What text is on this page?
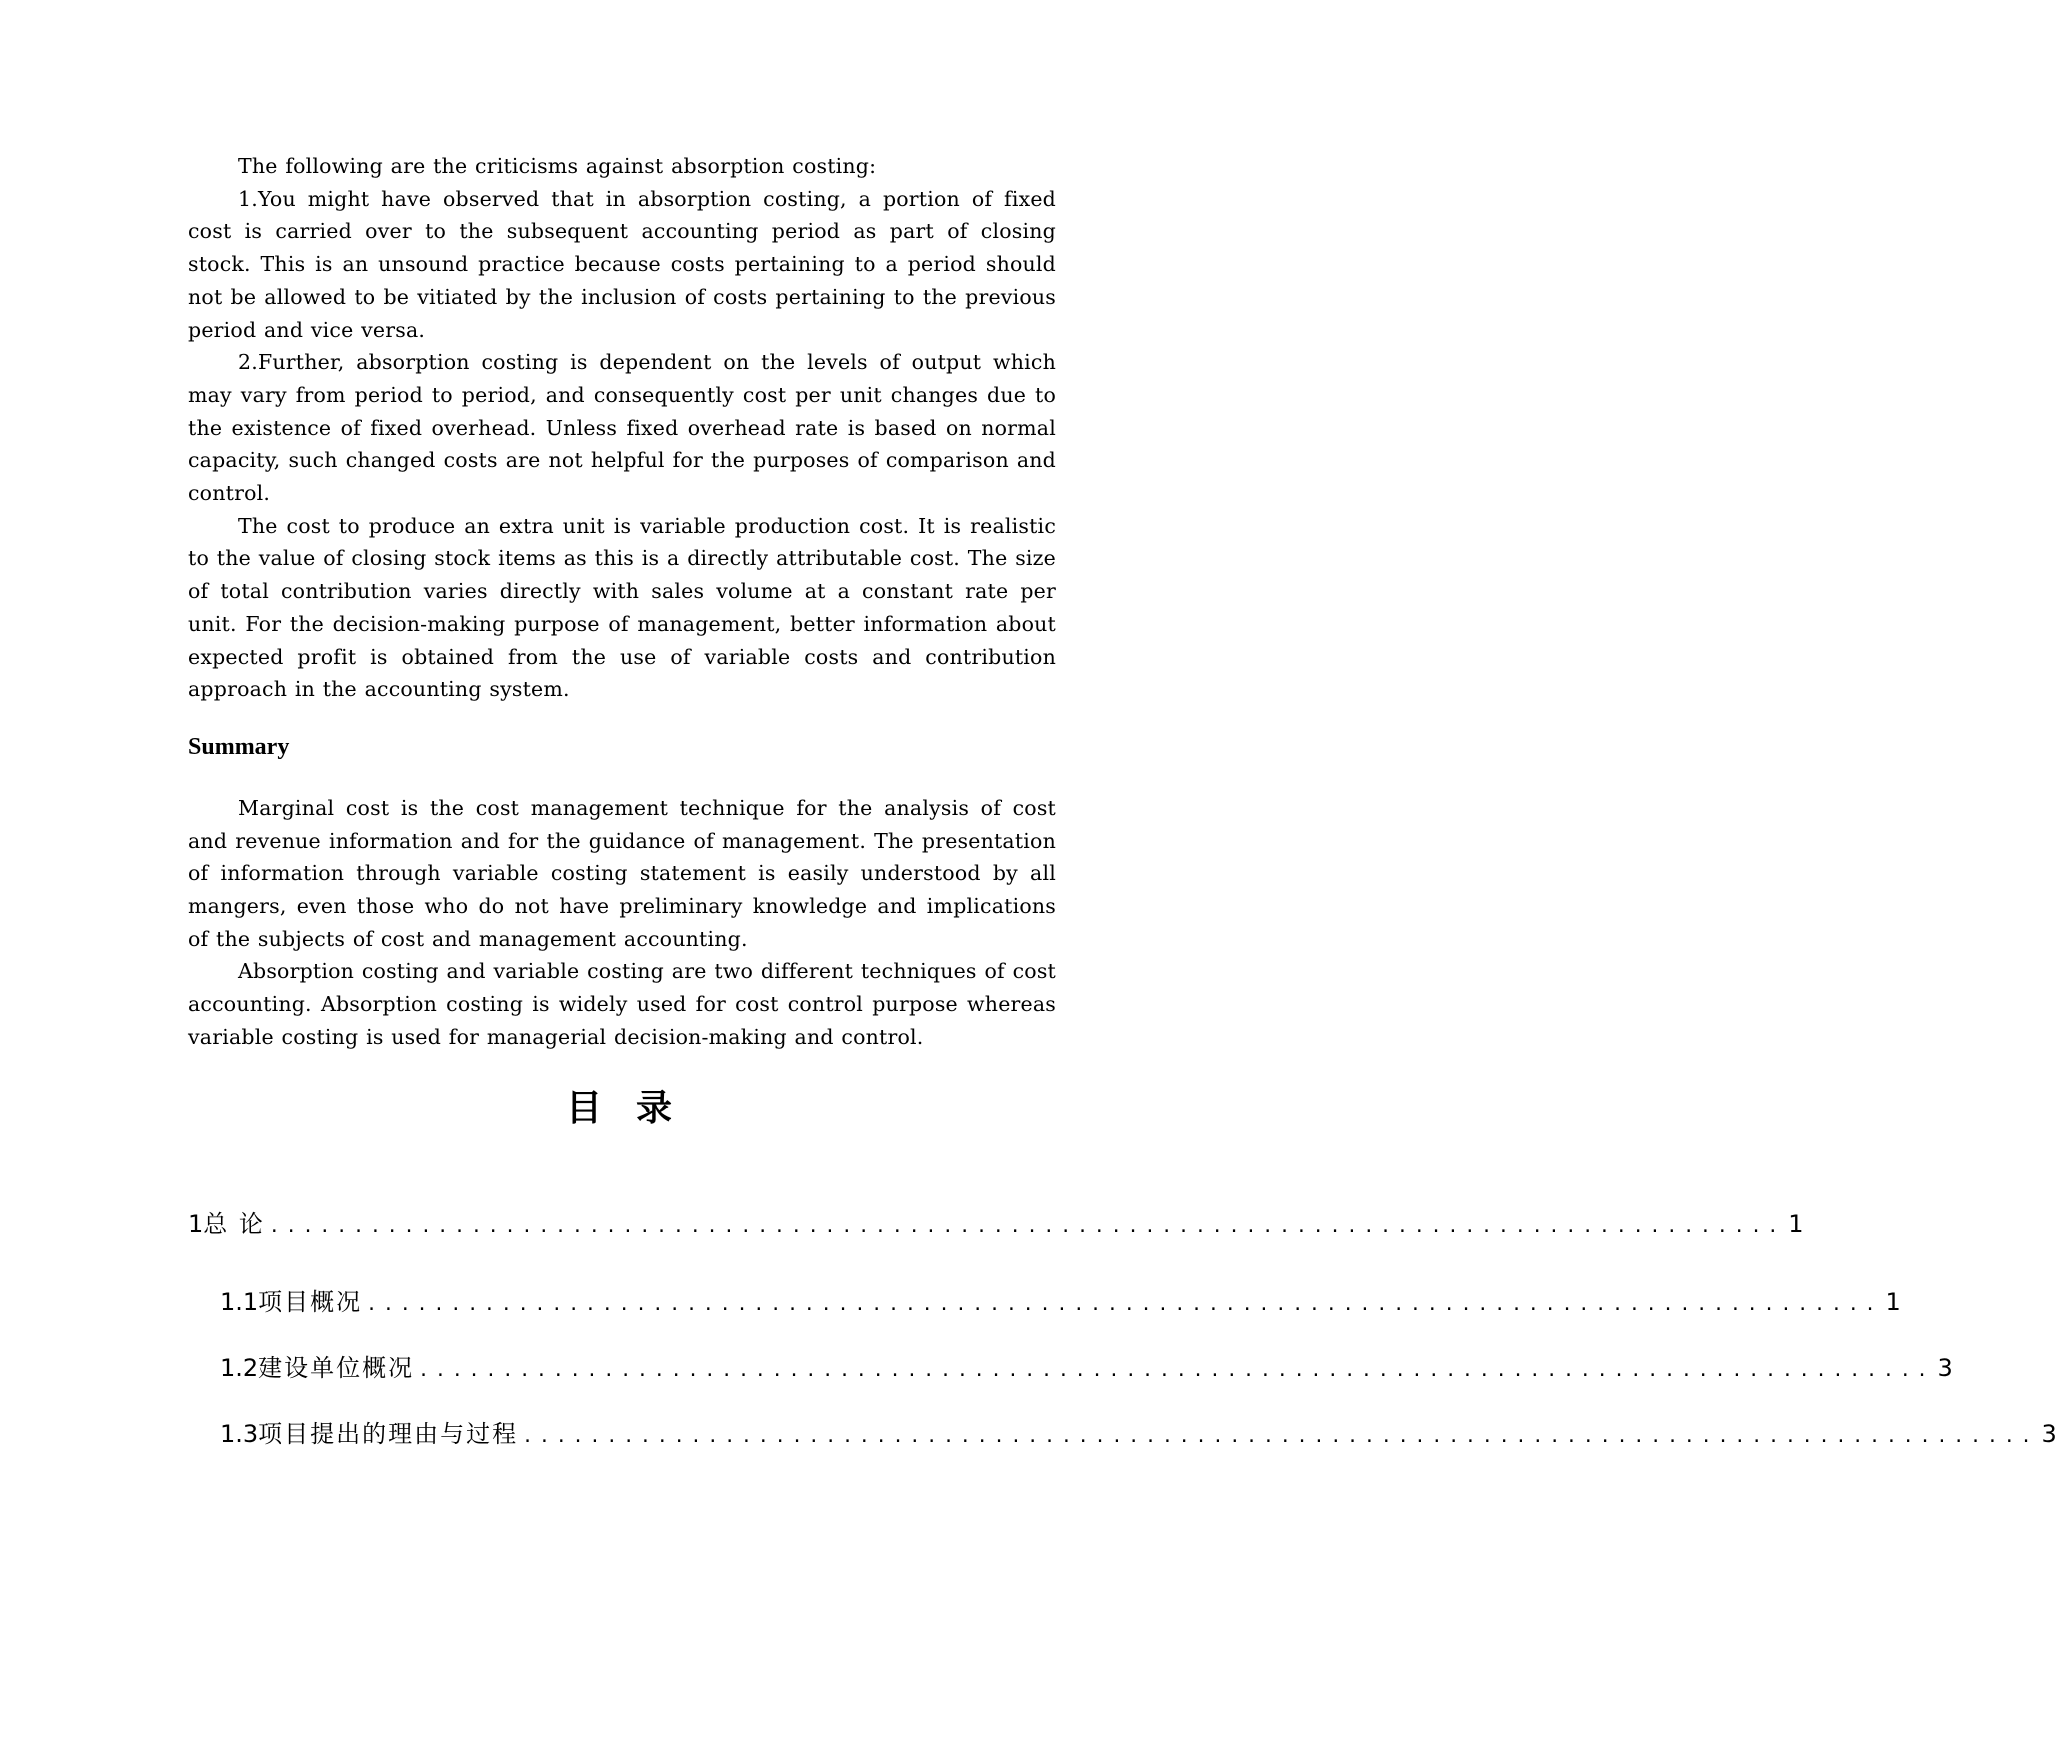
The following are the criticisms against absorption costing:

1.You might have observed that in absorption costing, a portion of fixed cost is carried over to the subsequent accounting period as part of closing stock. This is an unsound practice because costs pertaining to a period should not be allowed to be vitiated by the inclusion of costs pertaining to the previous period and vice versa.

2.Further, absorption costing is dependent on the levels of output which may vary from period to period, and consequently cost per unit changes due to the existence of fixed overhead. Unless fixed overhead rate is based on normal capacity, such changed costs are not helpful for the purposes of comparison and control.

The cost to produce an extra unit is variable production cost. It is realistic to the value of closing stock items as this is a directly attributable cost. The size of total contribution varies directly with sales volume at a constant rate per unit. For the decision-making purpose of management, better information about expected profit is obtained from the use of variable costs and contribution approach in the accounting system.

Summary

Marginal cost is the cost management technique for the analysis of cost and revenue information and for the guidance of management. The presentation of information through variable costing statement is easily understood by all mangers, even those who do not have preliminary knowledge and implications of the subjects of cost and management accounting.

Absorption costing and variable costing are two different techniques of cost accounting. Absorption costing is widely used for cost control purpose whereas variable costing is used for managerial decision-making and control.

目录
1 总 论 .......................................................................................... 1
1.1 项目概况 .......................................................................................... 1
1.2 建设单位概况 .......................................................................................... 3
1.3 项目提出的理由与过程 .......................................................................................... 3
